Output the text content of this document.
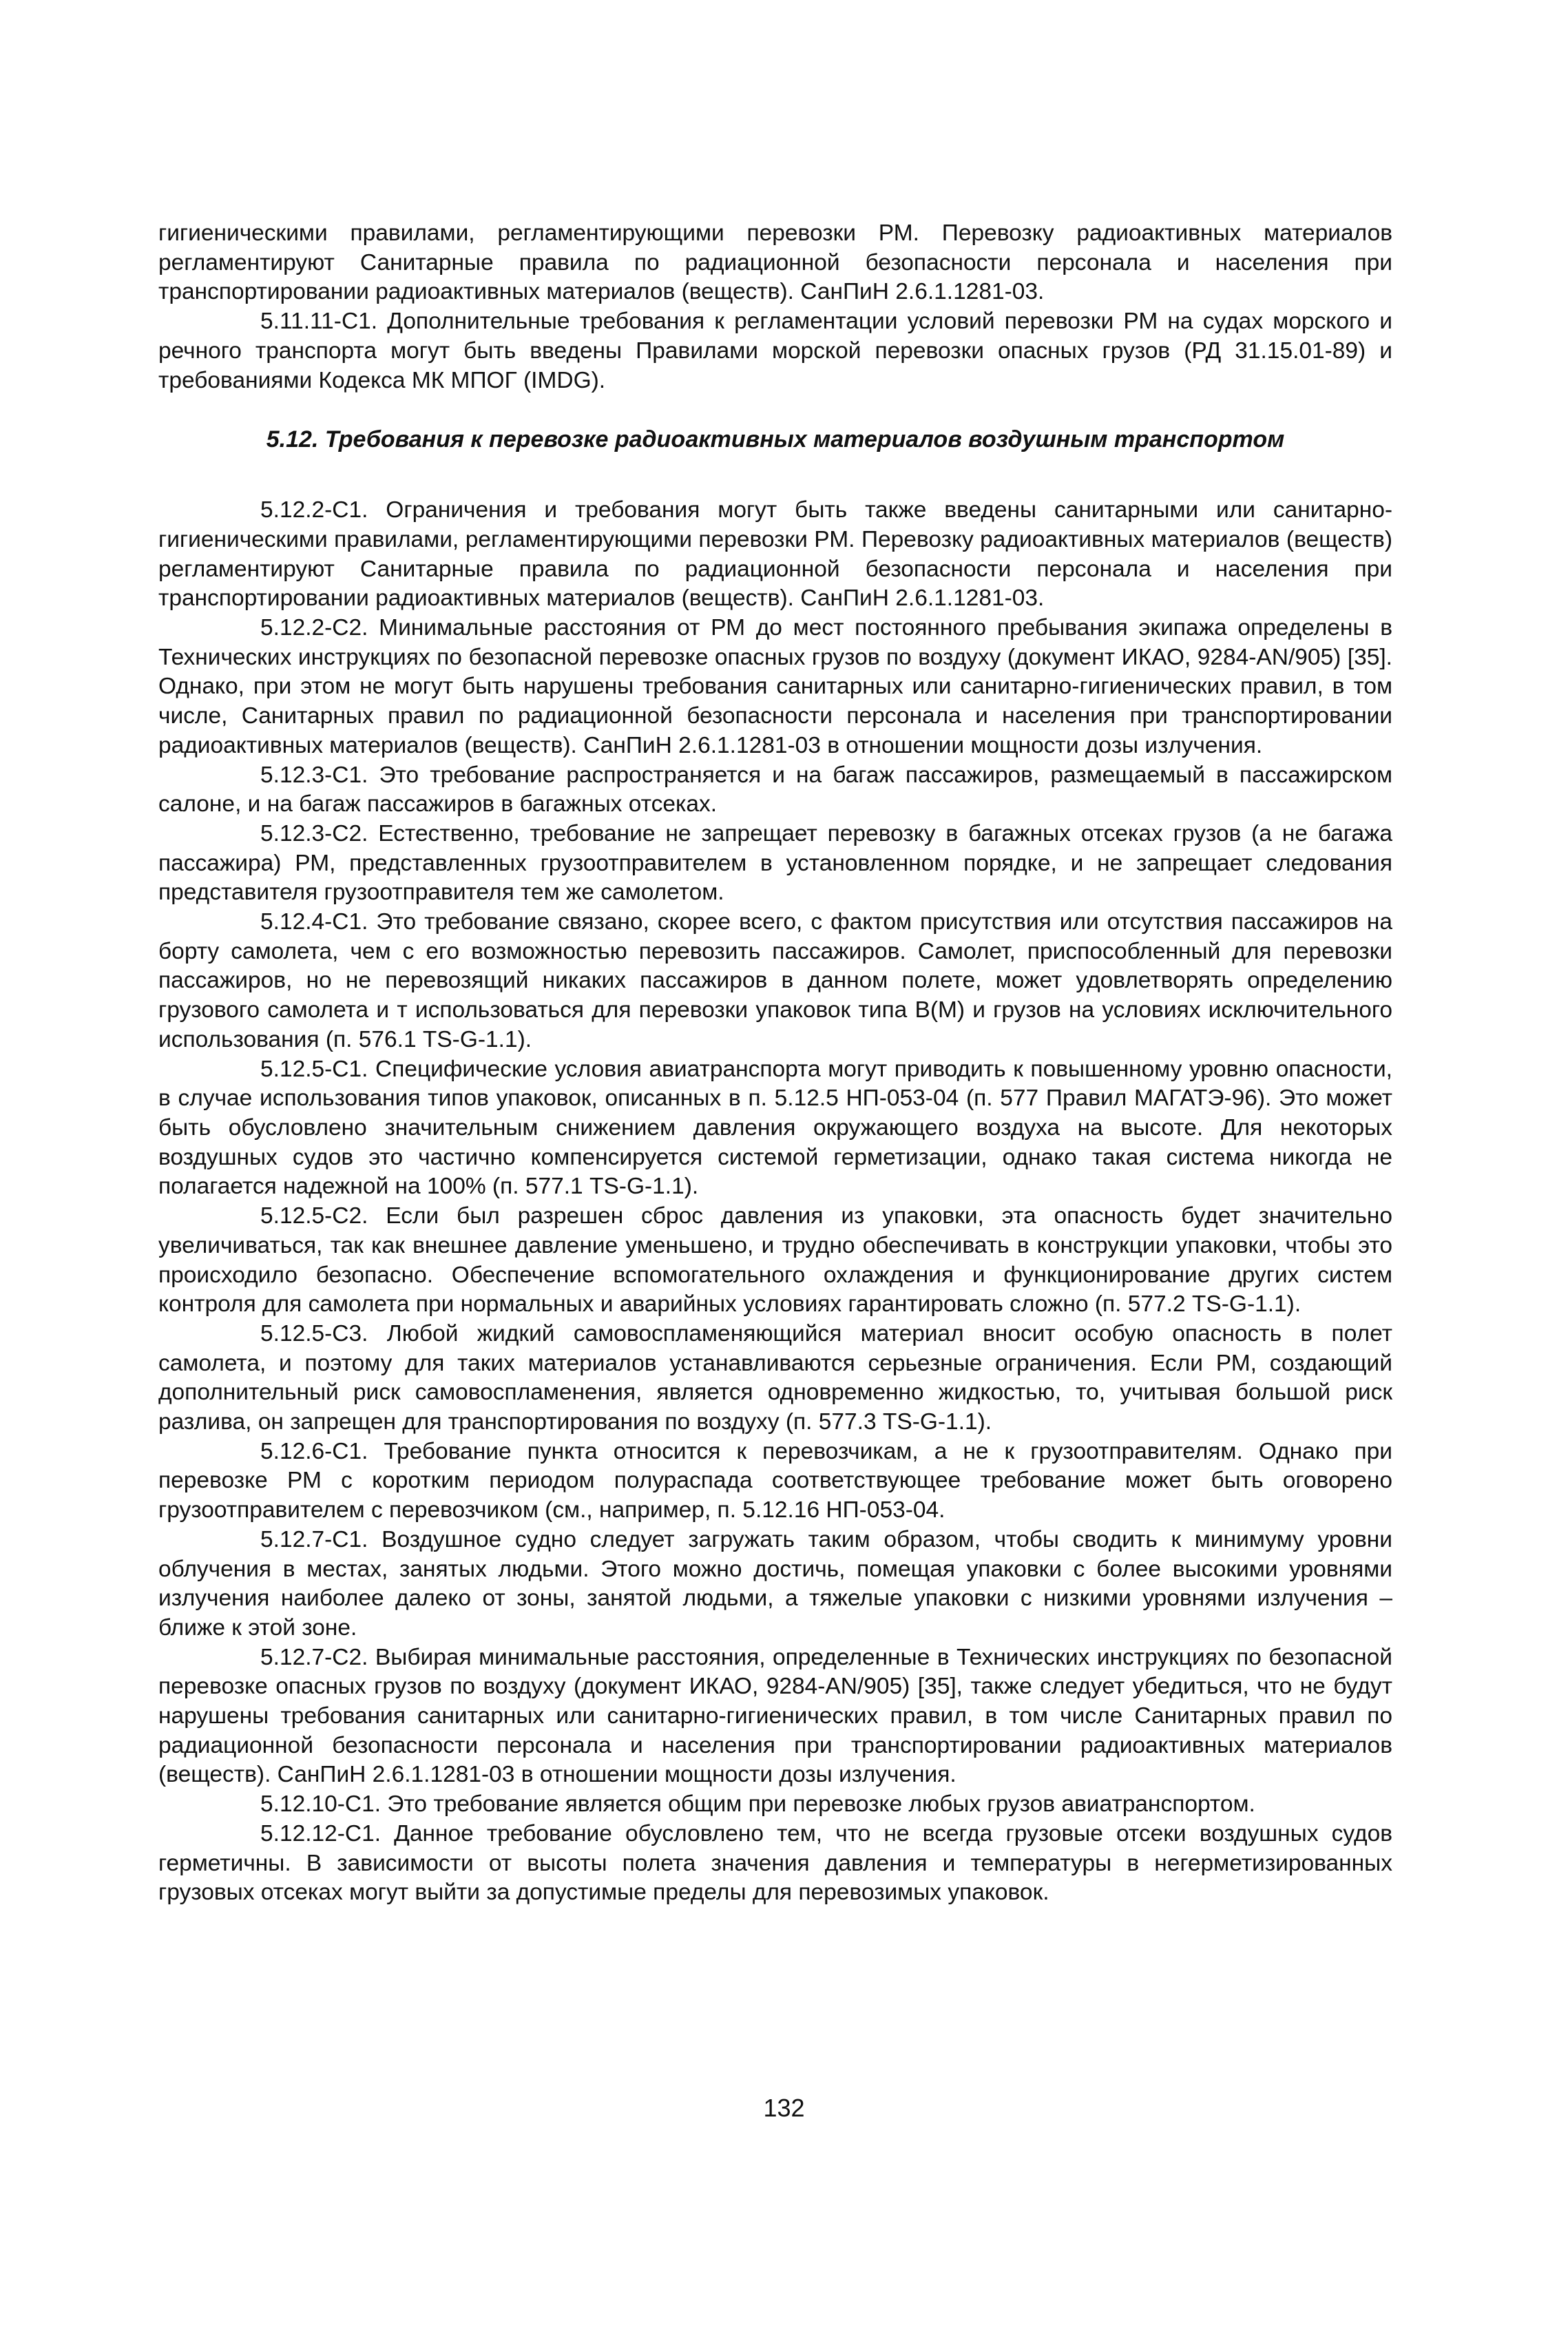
гигиеническими правилами, регламентирующими перевозки РМ. Перевозку радиоактивных материалов регламентируют Санитарные правила по радиационной безопасности персонала и населения при транспортировании радиоактивных материалов (веществ). СанПиН 2.6.1.1281-03.

5.11.11-С1. Дополнительные требования к регламентации условий перевозки РМ на судах морского и речного транспорта могут быть введены Правилами морской перевозки опасных грузов (РД 31.15.01-89) и требованиями Кодекса МК МПОГ (IMDG).

5.12. Требования к перевозке радиоактивных материалов воздушным транспортом

5.12.2-С1. Ограничения и требования могут быть также введены санитарными или санитарно-гигиеническими правилами, регламентирующими перевозки РМ. Перевозку радиоактивных материалов (веществ) регламентируют Санитарные правила по радиационной безопасности персонала и населения при транспортировании радиоактивных материалов (веществ). СанПиН 2.6.1.1281-03.

5.12.2-С2. Минимальные расстояния от РМ до мест постоянного пребывания экипажа определены в Технических инструкциях по безопасной перевозке опасных грузов по воздуху (документ ИКАО, 9284-AN/905) [35]. Однако, при этом не могут быть нарушены требования санитарных или санитарно-гигиенических правил, в том числе, Санитарных правил по радиационной безопасности персонала и населения при транспортировании радиоактивных материалов (веществ). СанПиН 2.6.1.1281-03 в отношении мощности дозы излучения.

5.12.3-С1. Это требование распространяется и на багаж пассажиров, размещаемый в пассажирском салоне, и на багаж пассажиров в багажных отсеках.

5.12.3-С2. Естественно, требование не запрещает перевозку в багажных отсеках грузов (а не багажа пассажира) РМ, представленных грузоотправителем в установленном порядке, и не запрещает следования представителя грузоотправителя тем же самолетом.

5.12.4-С1. Это требование связано, скорее всего, с фактом присутствия или отсутствия пассажиров на борту самолета, чем с его возможностью перевозить пассажиров. Самолет, приспособленный для перевозки пассажиров, но не перевозящий никаких пассажиров в данном полете, может удовлетворять определению грузового самолета и т использоваться для перевозки упаковок типа В(М) и грузов на условиях исключительного использования (п. 576.1 TS-G-1.1).

5.12.5-С1. Специфические условия авиатранспорта могут приводить к повышенному уровню опасности, в случае использования типов упаковок, описанных в п. 5.12.5 НП-053-04 (п. 577 Правил МАГАТЭ-96). Это может быть обусловлено значительным снижением давления окружающего воздуха на высоте. Для некоторых воздушных судов это частично компенсируется системой герметизации, однако такая система никогда не полагается надежной на 100% (п. 577.1 TS-G-1.1).

5.12.5-С2. Если был разрешен сброс давления из упаковки, эта опасность будет значительно увеличиваться, так как внешнее давление уменьшено, и трудно обеспечивать в конструкции упаковки, чтобы это происходило безопасно. Обеспечение вспомогательного охлаждения и функционирование других систем контроля для самолета при нормальных и аварийных условиях гарантировать сложно (п. 577.2 TS-G-1.1).

5.12.5-С3. Любой жидкий самовоспламеняющийся материал вносит особую опасность в полет самолета, и поэтому для таких материалов устанавливаются серьезные ограничения. Если РМ, создающий дополнительный риск самовоспламенения, является одновременно жидкостью, то, учитывая большой риск разлива, он запрещен для транспортирования по воздуху (п. 577.3 TS-G-1.1).

5.12.6-С1. Требование пункта относится к перевозчикам, а не к грузоотправителям. Однако при перевозке РМ с коротким периодом полураспада соответствующее требование может быть оговорено грузоотправителем с перевозчиком (см., например, п. 5.12.16 НП-053-04.

5.12.7-С1. Воздушное судно следует загружать таким образом, чтобы сводить к минимуму уровни облучения в местах, занятых людьми. Этого можно достичь, помещая упаковки с более высокими уровнями излучения наиболее далеко от зоны, занятой людьми, а тяжелые упаковки с низкими уровнями излучения – ближе к этой зоне.

5.12.7-С2. Выбирая минимальные расстояния, определенные в Технических инструкциях по безопасной перевозке опасных грузов по воздуху (документ ИКАО, 9284-AN/905) [35], также следует убедиться, что не будут нарушены требования санитарных или санитарно-гигиенических правил, в том числе Санитарных правил по радиационной безопасности персонала и населения при транспортировании радиоактивных материалов (веществ). СанПиН 2.6.1.1281-03 в отношении мощности дозы излучения.

5.12.10-С1. Это требование является общим при перевозке любых грузов авиатранспортом.

5.12.12-С1. Данное требование обусловлено тем, что не всегда грузовые отсеки воздушных судов герметичны. В зависимости от высоты полета значения давления и температуры в негерметизированных грузовых отсеках могут выйти за допустимые пределы для перевозимых упаковок.

132
